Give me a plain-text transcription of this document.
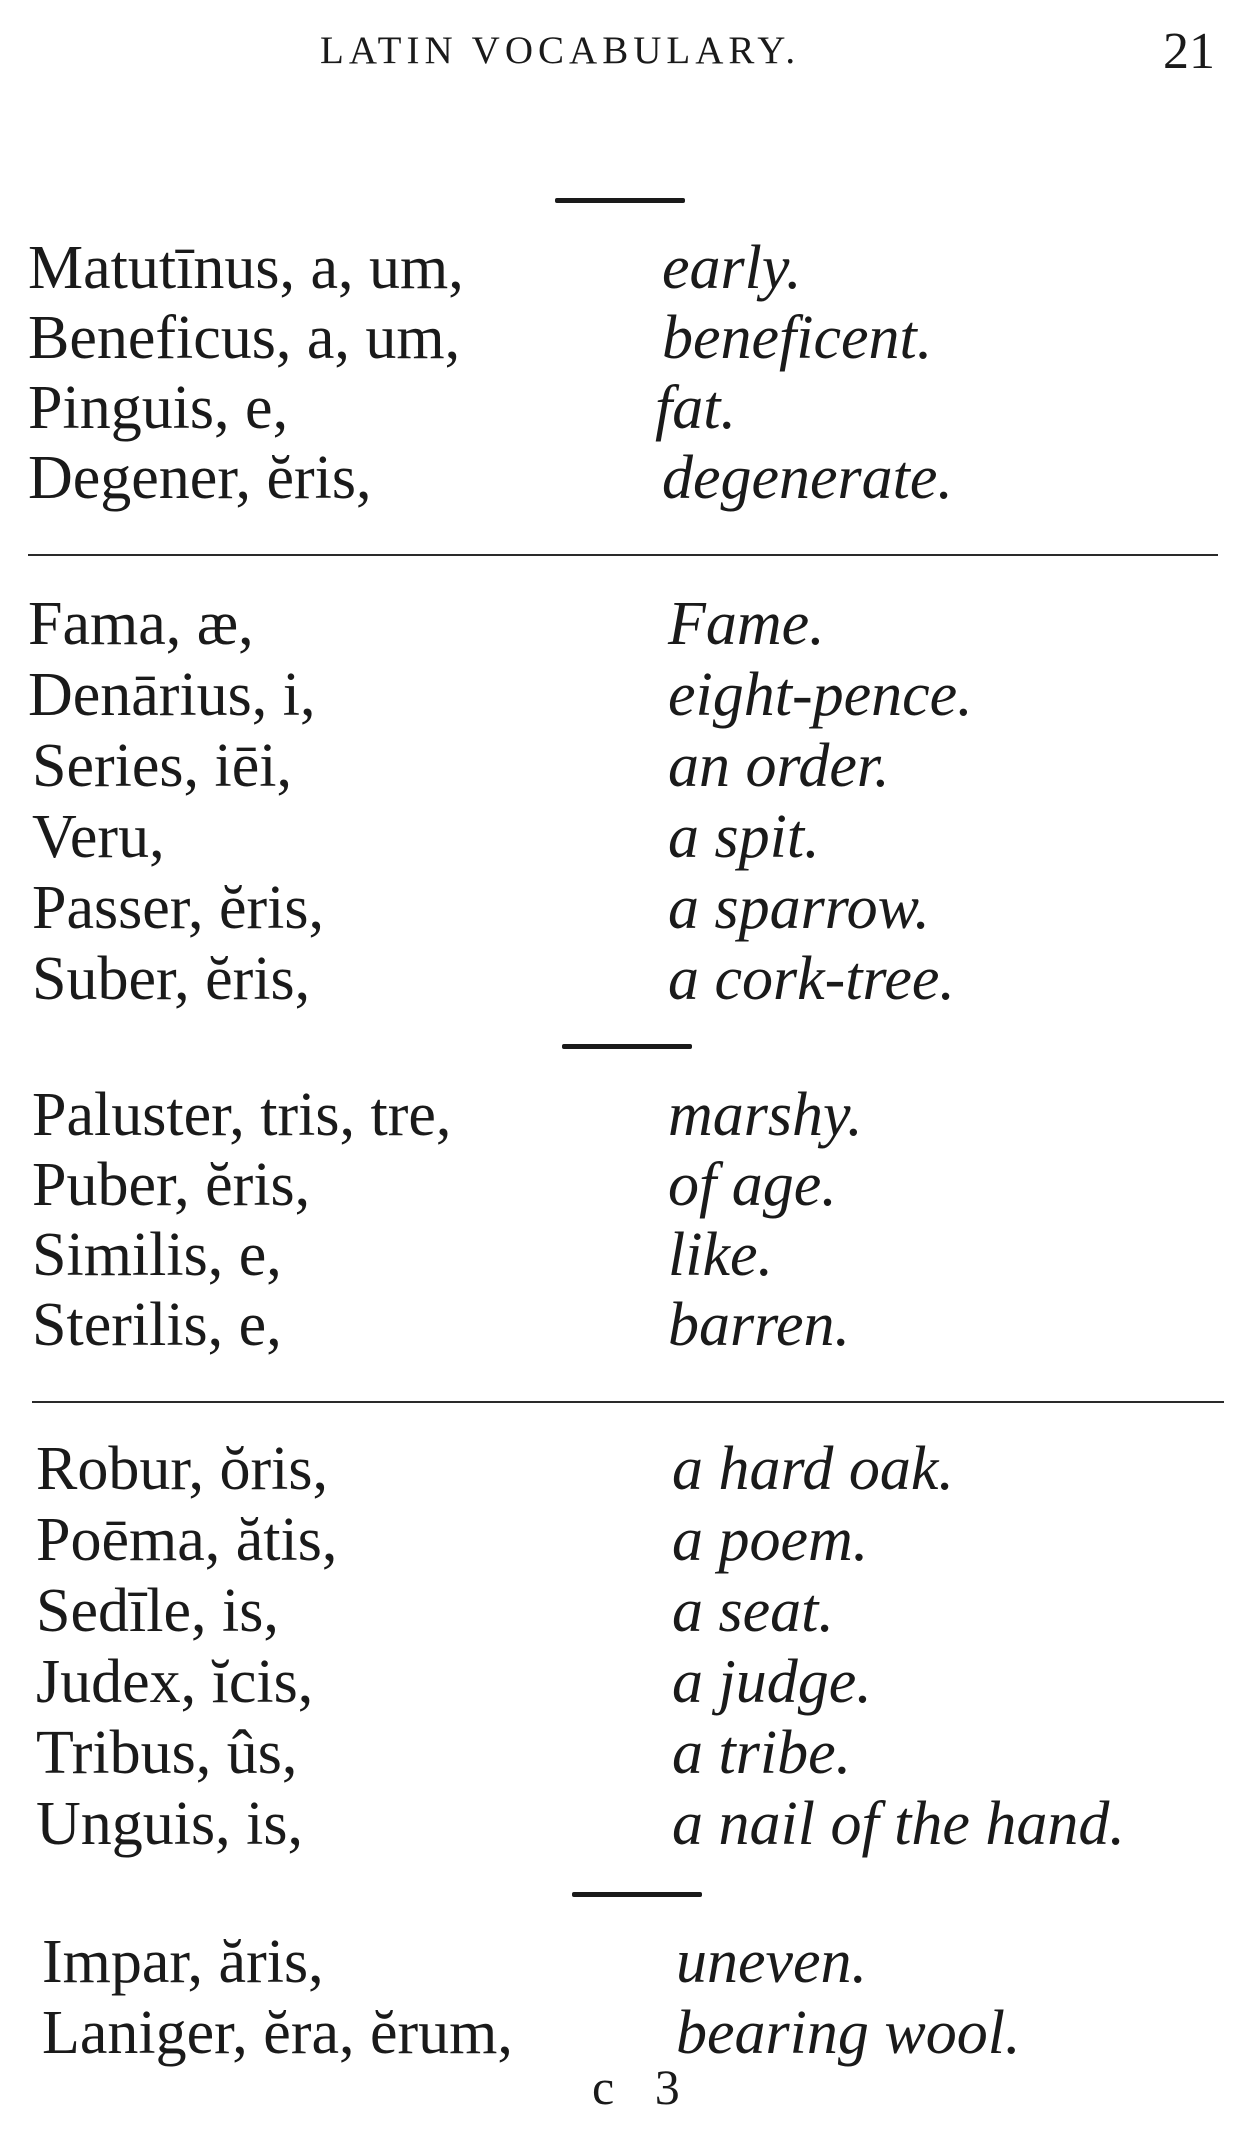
LATIN VOCABULARY.	21
Matutīnus, a, um,	early.
Beneficus, a, um,	beneficent.
Pinguis, e,	fat.
Degener, ĕris,	degenerate.
Fama, æ,	Fame.
Denārius, i,	eight-pence.
Series, iēi,	an order.
Veru,	a spit.
Passer, ĕris,	a sparrow.
Suber, ĕris,	a cork-tree.
Paluster, tris, tre,	marshy.
Puber, ĕris,	of age.
Similis, e,	like.
Sterilis, e,	barren.
Robur, ŏris,	a hard oak.
Poēma, ătis,	a poem.
Sedīle, is,	a seat.
Judex, ĭcis,	a judge.
Tribus, ûs,	a tribe.
Unguis, is,	a nail of the hand.
Impar, ăris,	uneven.
Laniger, ĕra, ĕrum,	bearing wool.
c 3
